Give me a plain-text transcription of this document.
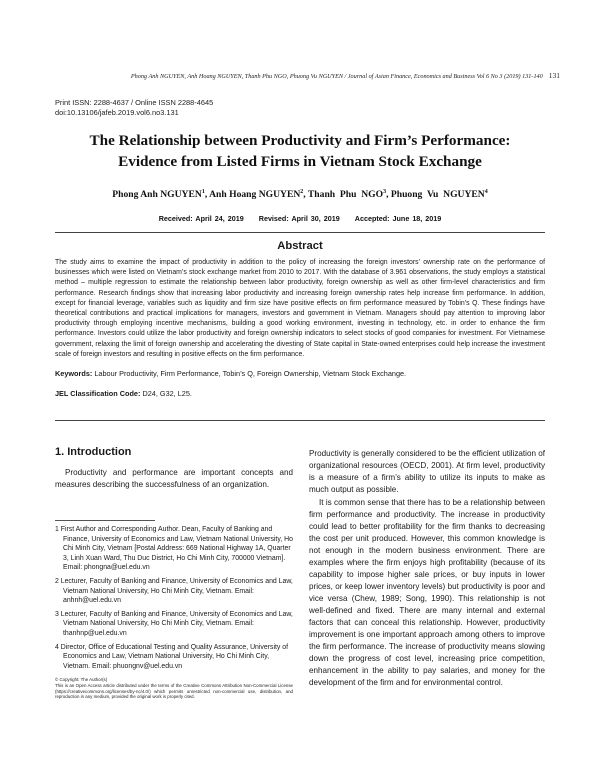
Phong Anh NGUYEN, Anh Hoang NGUYEN, Thanh Phu NGO, Phuong Vu NGUYEN / Journal of Asian Finance, Economics and Business Vol 6 No 3 (2019) 131-140 131
Print ISSN: 2288-4637 / Online ISSN 2288-4645
doi:10.13106/jafeb.2019.vol6.no3.131
The Relationship between Productivity and Firm’s Performance:
Evidence from Listed Firms in Vietnam Stock Exchange
Phong Anh NGUYEN$^1$, Anh Hoang NGUYEN$^2$, Thanh  Phu  NGO$^3$, Phuong  Vu  NGUYEN$^4$
Received: April 24, 2019 Revised: April 30, 2019 Accepted: June 18, 2019
Abstract
The study aims to examine the impact of productivity in addition to the policy of increasing the foreign investors’ ownership rate on the performance of businesses which were listed on Vietnam’s stock exchange market from 2010 to 2017. With the database of 3.961 observations, the study employs a statistical method – multiple regression to estimate the relationship between labor productivity, foreign ownership as well as other firm-level characteristics and firm performance. Research findings show that increasing labor productivity and increasing foreign ownership rates help increase firm performance. In addition, except for financial leverage, variables such as liquidity and firm size have positive effects on firm performance measured by Tobin’s Q. These findings have theoretical contributions and practical implications for managers, investors and government in Vietnam. Managers should pay attention to improving labor productivity through employing incentive mechanisms, building a good working environment, investing in technology, etc. in order to enhance the firm performance. Investors could utilize the labor productivity and foreign ownership indicators to select stocks of good companies for investment. For Vietnamese government, relaxing the limit of foreign ownership and accelerating the divesting of State capital in State-owned enterprises could help increase the investment scale of foreign investors and resulting in positive effects on the firm performance.
Keywords: Labour Productivity, Firm Performance, Tobin’s Q, Foreign Ownership, Vietnam Stock Exchange.
JEL Classification Code: D24, G32, L25.
1. Introduction

Productivity and performance are important concepts and measures describing the successfulness of an organization.

1 First Author and Corresponding Author. Dean, Faculty of Banking and Finance, University of Economics and Law, Vietnam National University, Ho Chi Minh City, Vietnam [Postal Address: 669 National Highway 1A, Quarter 3, Linh Xuan Ward, Thu Duc District, Ho Chi Minh City, 700000 Vietnam]. Email: phongna@uel.edu.vn
2 Lecturer, Faculty of Banking and Finance, University of Economics and Law, Vietnam National University, Ho Chi Minh City, Vietnam. Email: anhnh@uel.edu.vn
3 Lecturer, Faculty of Banking and Finance, University of Economics and Law, Vietnam National University, Ho Chi Minh City, Vietnam. Email: thanhnp@uel.edu.vn
4 Director, Office of Educational Testing and Quality Assurance, University of Economics and Law, Vietnam National University, Ho Chi Minh City, Vietnam. Email: phuongnv@uel.edu.vn
© Copyright: The Author(s)
This is an Open Access article distributed under the terms of the Creative Commons Attribution Non-Commercial License (https://creativecommons.org/licenses/by-nc/4.0/) which permits unrestricted non-commercial use, distribution, and reproduction in any medium, provided the original work is properly cited.

Productivity is generally considered to be the efficient utilization of organizational resources (OECD, 2001). At firm level, productivity is a measure of a firm’s ability to utilize its inputs to make as much output as possible.

It is common sense that there has to be a relationship between firm performance and productivity. The increase in productivity could lead to better profitability for the firm thanks to decreasing the cost per unit produced. However, this common knowledge is not enough in the modern business environment. There are examples where the firm enjoys high profitability (because of its capability to impose higher sale prices, or buy inputs in lower prices, or keep lower inventory levels) but productivity is poor and vice versa (Chew, 1989; Song, 1990). This relationship is not well-defined and fixed. There are many internal and external factors that can conceal this relationship. However, productivity improvement is one important approach among others to improve the firm performance. The increase of productivity means slowing down the progress of cost level, increasing price competition, enhancement in the ability to pay salaries, and money for the development of the firm and for environmental control.
